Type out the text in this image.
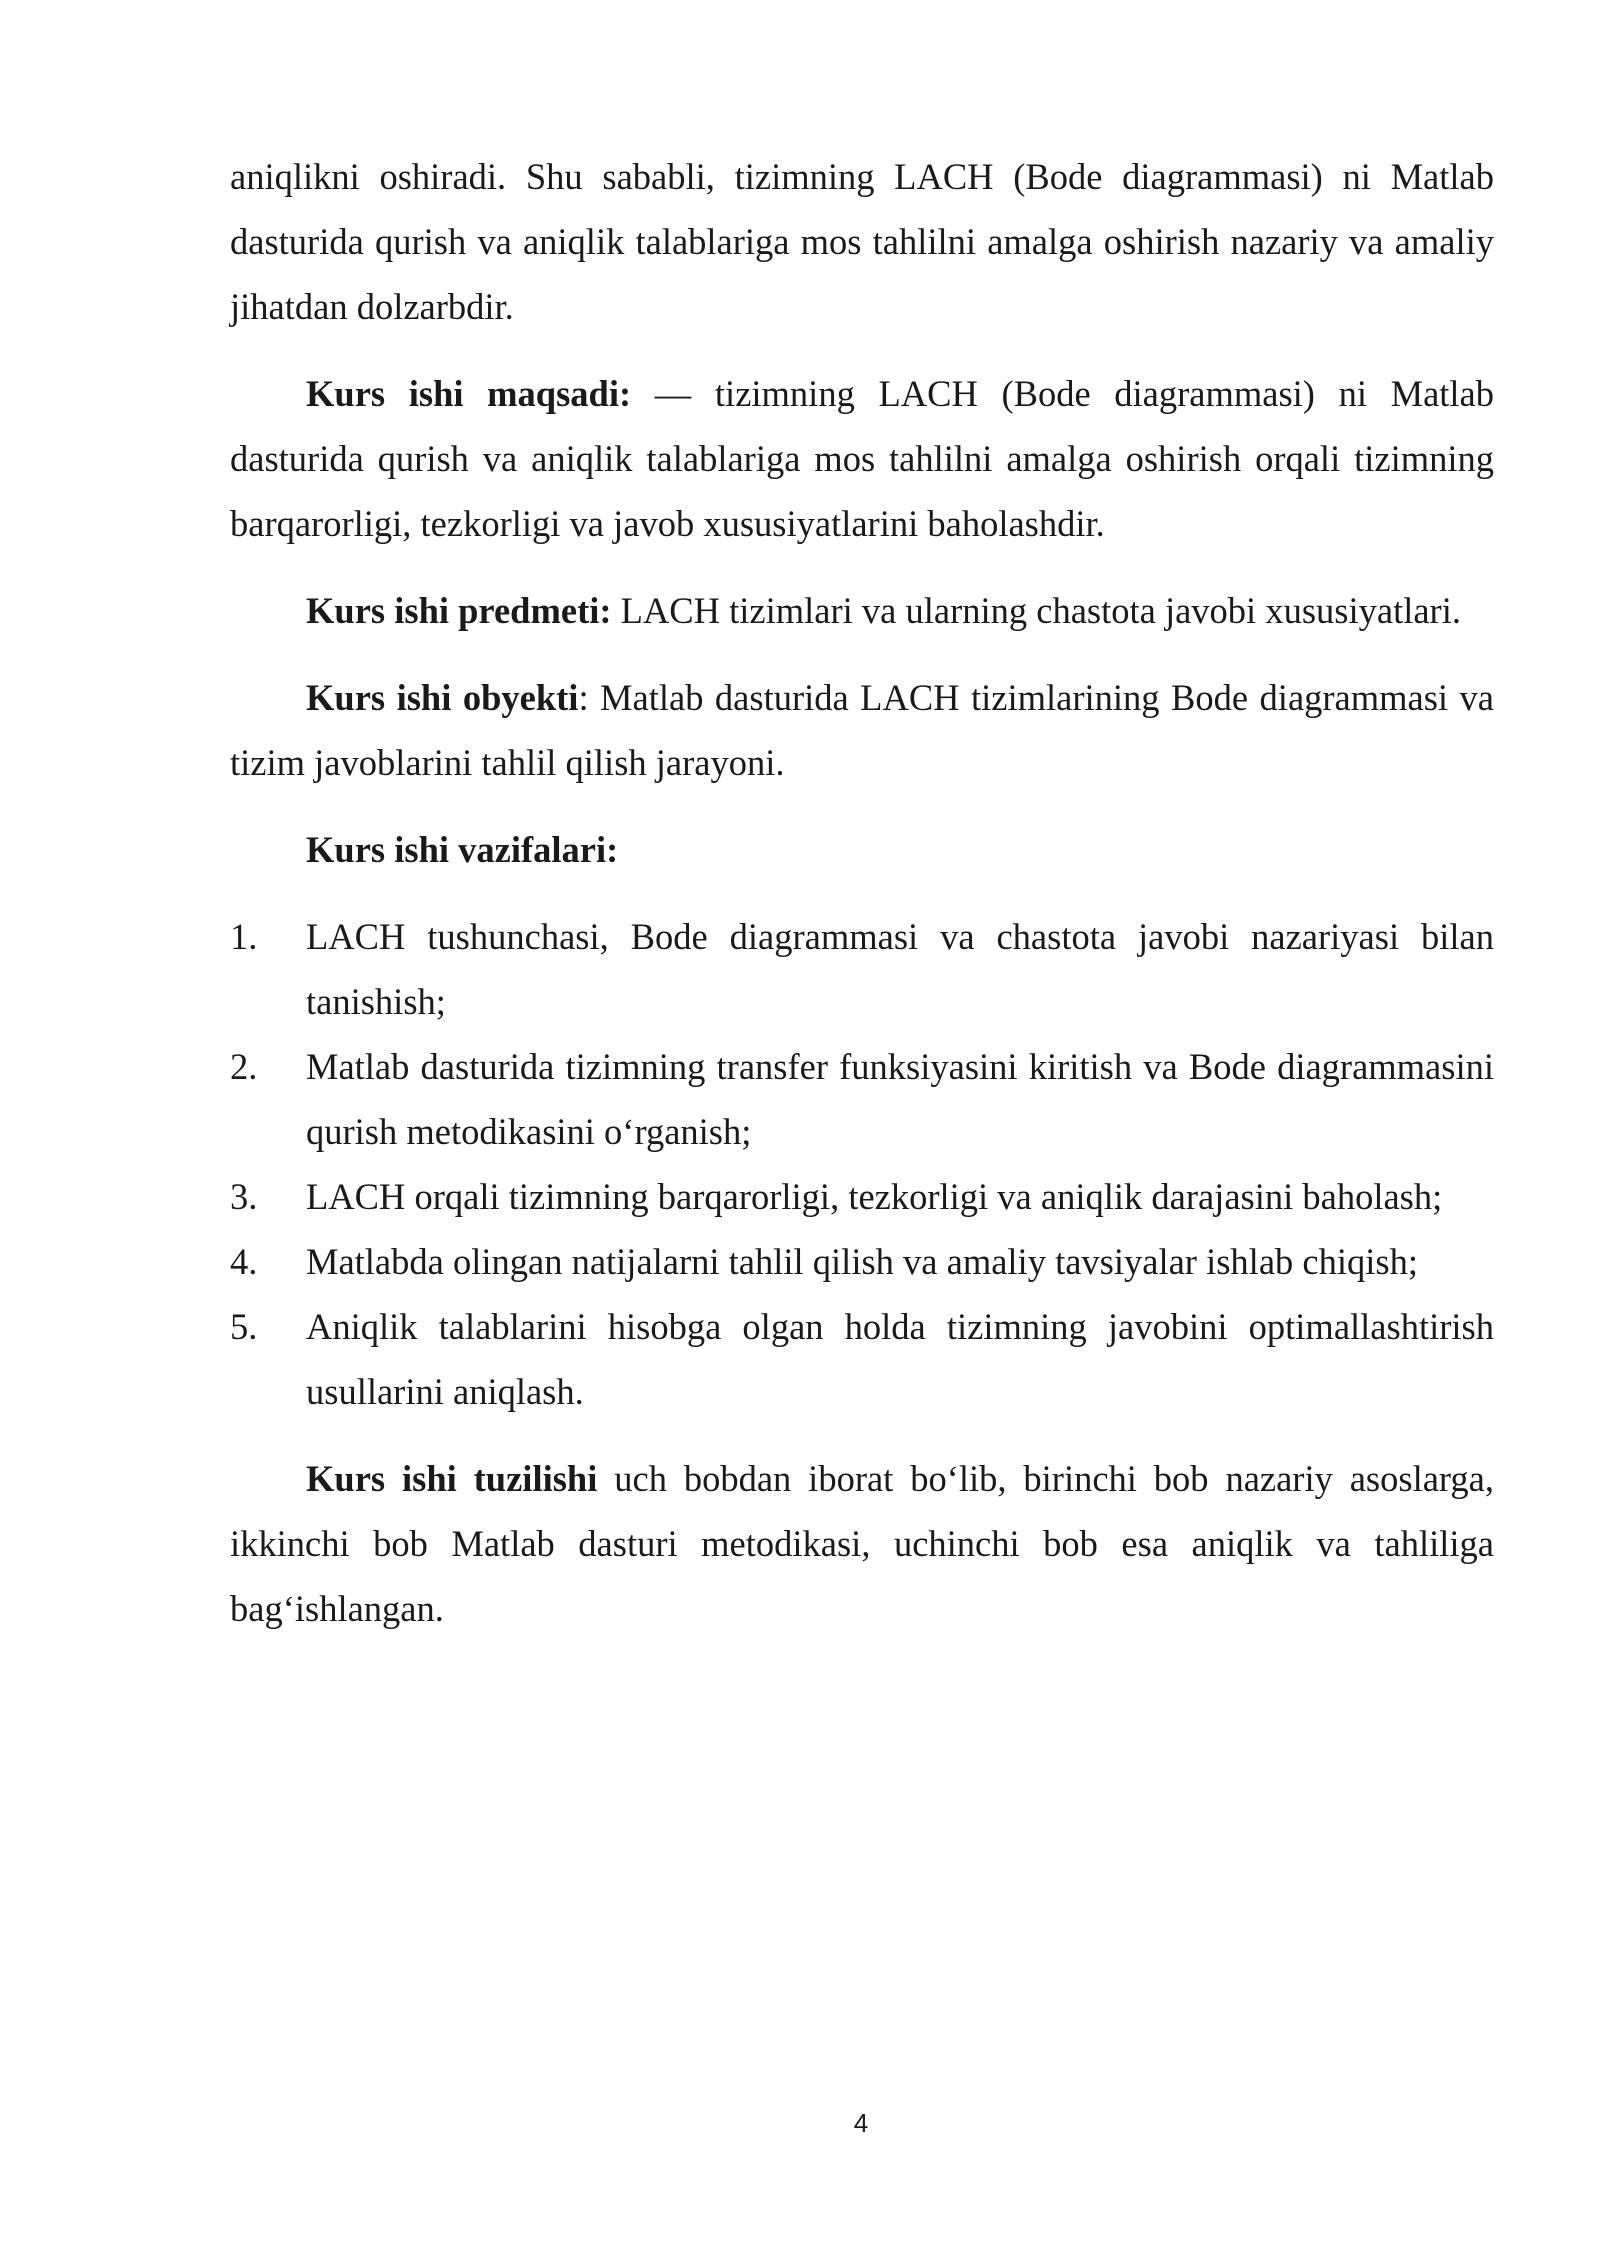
aniqlikni oshiradi. Shu sababli, tizimning LACH (Bode diagrammasi) ni Matlab dasturida qurish va aniqlik talablariga mos tahlilni amalga oshirish nazariy va amaliy jihatdan dolzarbdir.

Kurs ishi maqsadi: — tizimning LACH (Bode diagrammasi) ni Matlab dasturida qurish va aniqlik talablariga mos tahlilni amalga oshirish orqali tizimning barqarorligi, tezkorligi va javob xususiyatlarini baholashdir.

Kurs ishi predmeti: LACH tizimlari va ularning chastota javobi xususiyatlari.

Kurs ishi obyekti: Matlab dasturida LACH tizimlarining Bode diagrammasi va tizim javoblarini tahlil qilish jarayoni.

Kurs ishi vazifalari:

1. LACH tushunchasi, Bode diagrammasi va chastota javobi nazariyasi bilan tanishish;
2. Matlab dasturida tizimning transfer funksiyasini kiritish va Bode diagrammasini qurish metodikasini o‘rganish;
3. LACH orqali tizimning barqarorligi, tezkorligi va aniqlik darajasini baholash;
4. Matlabda olingan natijalarni tahlil qilish va amaliy tavsiyalar ishlab chiqish;
5. Aniqlik talablarini hisobga olgan holda tizimning javobini optimallashtirish usullarini aniqlash.

Kurs ishi tuzilishi uch bobdan iborat bo‘lib, birinchi bob nazariy asoslarga, ikkinchi bob Matlab dasturi metodikasi, uchinchi bob esa aniqlik va tahliliga bag‘ishlangan.

4
